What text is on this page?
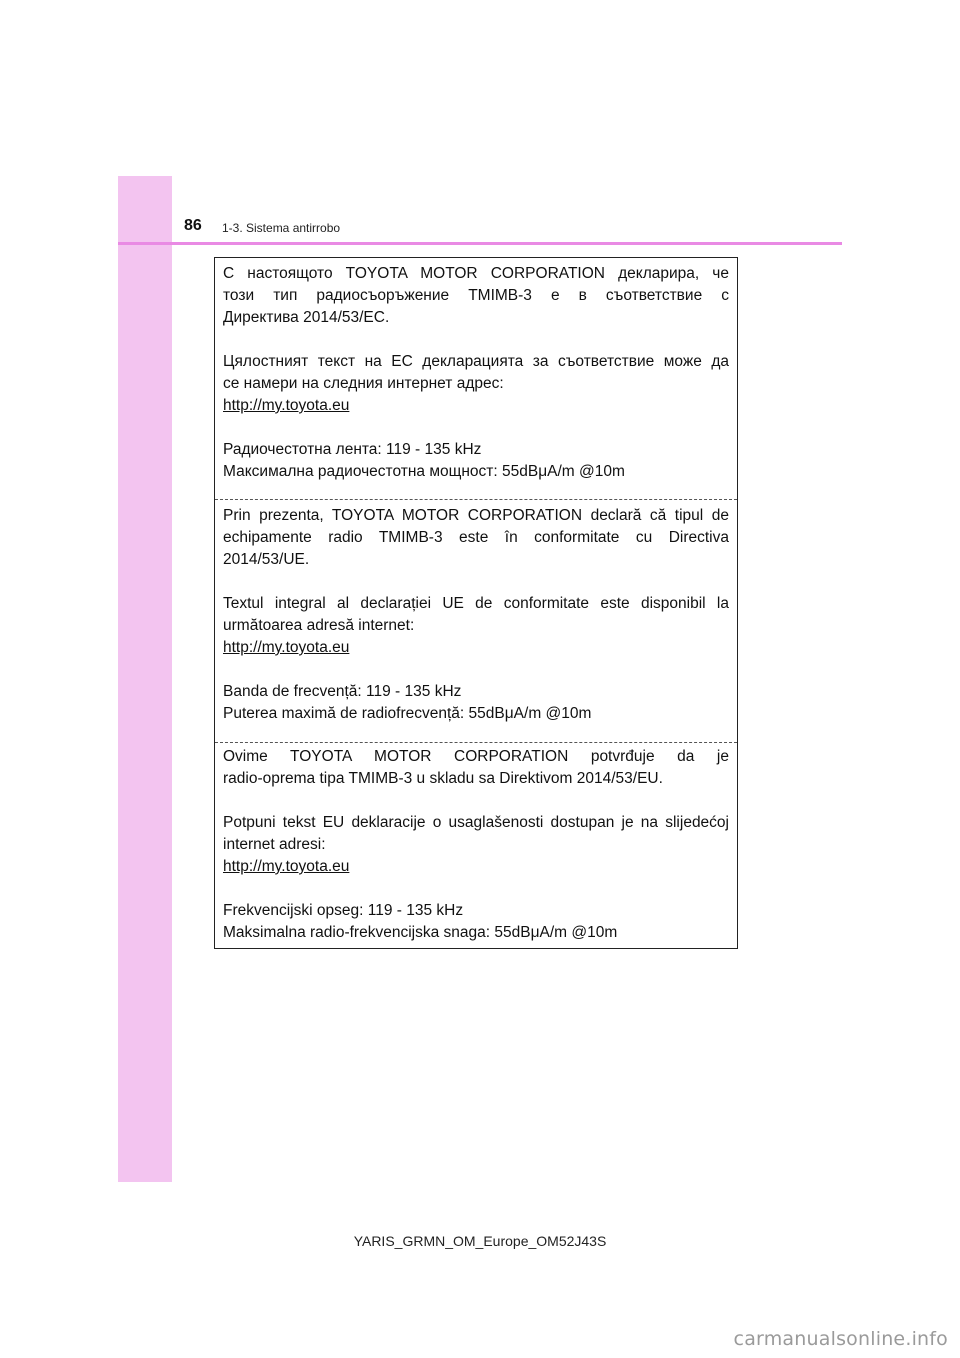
86 1-3. Sistema antirrobo
С настоящото TOYOTA MOTOR CORPORATION декларира, че
този тип радиосъоръжение TMIMB-3 е в съответствие с
Директива 2014/53/ЕС.
Цялостният текст на ЕС декларацията за съответствие може да
се намери на следния интернет адрес:
http://my.toyota.eu
Радиочестотна лента: 119 - 135 kHz
Максимална радиочестотна мощност: 55dBμA/m @10m
Prin prezenta, TOYOTA MOTOR CORPORATION declară că tipul de
echipamente radio TMIMB-3 este în conformitate cu Directiva
2014/53/UE.
Textul integral al declarației UE de conformitate este disponibil la
următoarea adresă internet:
http://my.toyota.eu
Banda de frecvență: 119 - 135 kHz
Puterea maximă de radiofrecvență: 55dBμA/m @10m
Ovime TOYOTA MOTOR CORPORATION potvrđuje da je
radio-oprema tipa TMIMB-3 u skladu sa Direktivom 2014/53/EU.
Potpuni tekst EU deklaracije o usaglašenosti dostupan je na slijedećoj
internet adresi:
http://my.toyota.eu
Frekvencijski opseg: 119 - 135 kHz
Maksimalna radio-frekvencijska snaga: 55dBμA/m @10m
YARIS_GRMN_OM_Europe_OM52J43S
carmanualsonline.info
